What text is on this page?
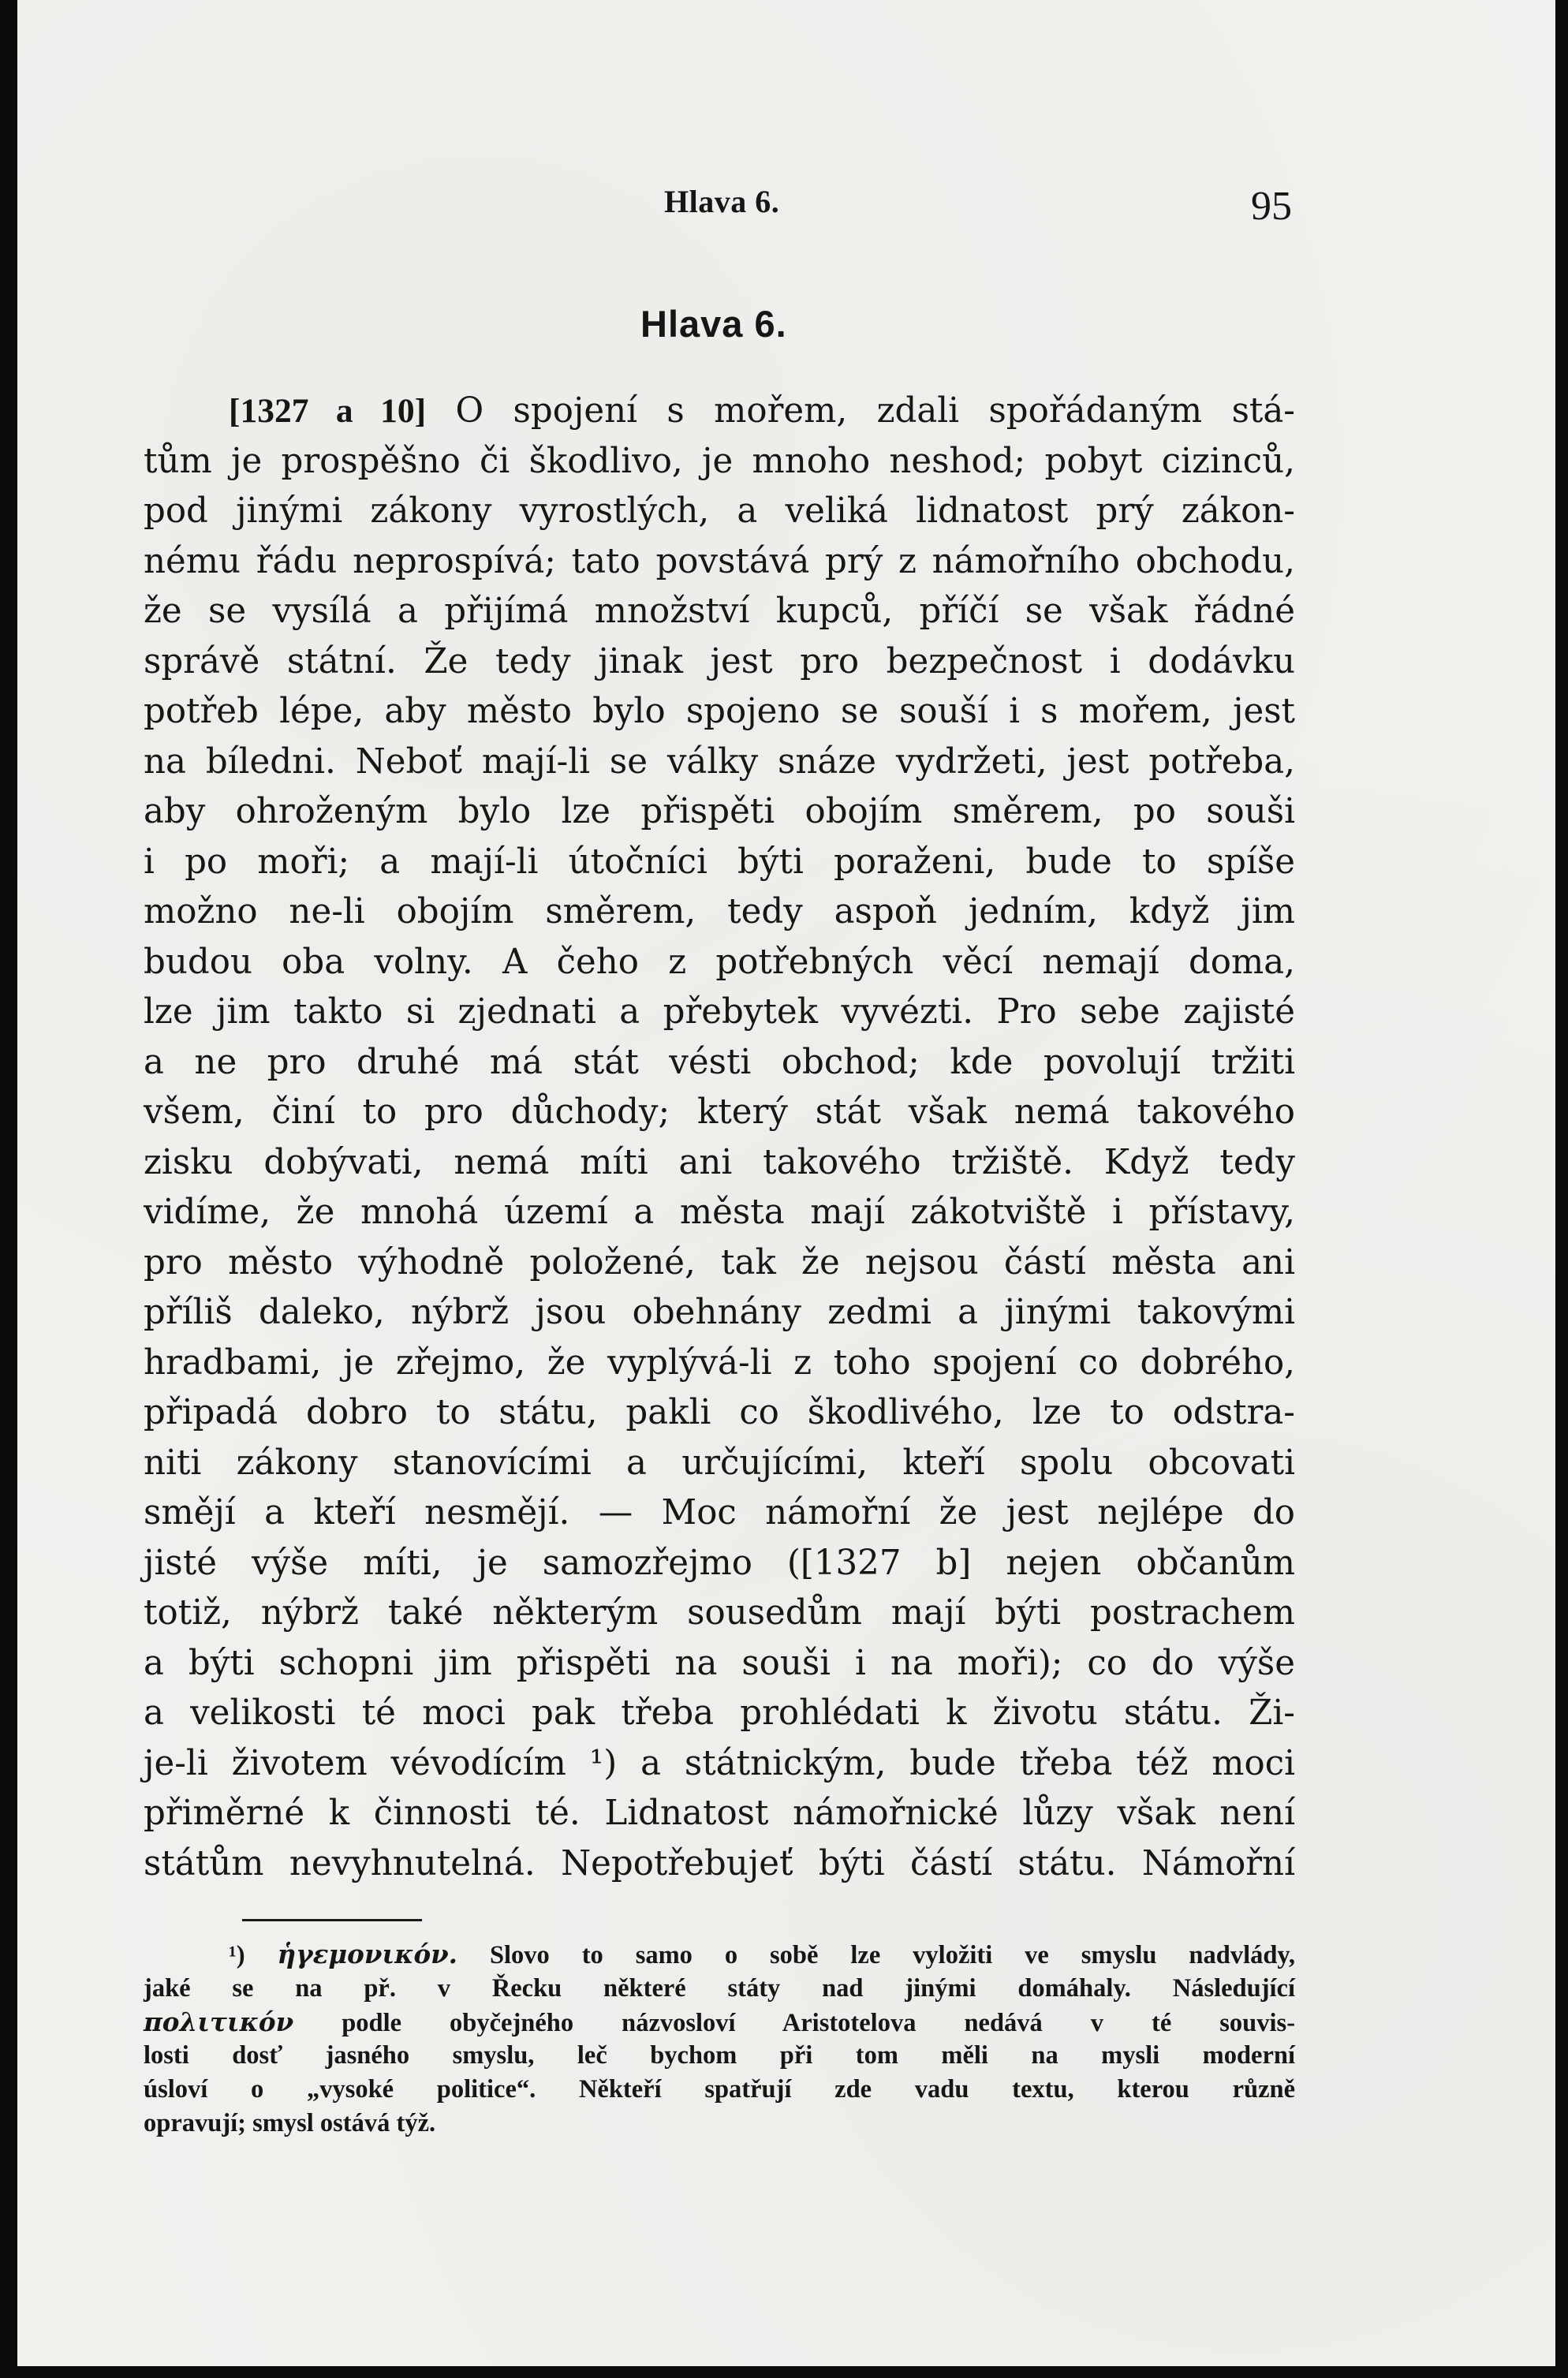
Hlava 6.	95
Hlava 6.
[1327 a 10] O spojení s mořem, zdali spořádaným stá-
tům je prospěšno či škodlivo, je mnoho neshod; pobyt cizinců,
pod jinými zákony vyrostlých, a veliká lidnatost prý zákon-
nému řádu neprospívá; tato povstává prý z námořního obchodu,
že se vysílá a přijímá množství kupců, příčí se však řádné
správě státní. Že tedy jinak jest pro bezpečnost i dodávku
potřeb lépe, aby město bylo spojeno se souší i s mořem, jest
na bíledni. Neboť mají-li se války snáze vydržeti, jest potřeba,
aby ohroženým bylo lze přispěti obojím směrem, po souši
i po moři; a mají-li útočníci býti poraženi, bude to spíše
možno ne-li obojím směrem, tedy aspoň jedním, když jim
budou oba volny. A čeho z potřebných věcí nemají doma,
lze jim takto si zjednati a přebytek vyvézti. Pro sebe zajisté
a ne pro druhé má stát vésti obchod; kde povolují tržiti
všem, činí to pro důchody; který stát však nemá takového
zisku dobývati, nemá míti ani takového tržiště. Když tedy
vidíme, že mnohá území a města mají zákotviště i přístavy,
pro město výhodně položené, tak že nejsou částí města ani
příliš daleko, nýbrž jsou obehnány zedmi a jinými takovými
hradbami, je zřejmo, že vyplývá-li z toho spojení co dobrého,
připadá dobro to státu, pakli co škodlivého, lze to odstra-
niti zákony stanovícími a určujícími, kteří spolu obcovati
smějí a kteří nesmějí. — Moc námořní že jest nejlépe do
jisté výše míti, je samozřejmo ([1327 b] nejen občanům
totiž, nýbrž také některým sousedům mají býti postrachem
a býti schopni jim přispěti na souši i na moři); co do výše
a velikosti té moci pak třeba prohlédati k životu státu. Ži-
je-li životem vévodícím ¹) a státnickým, bude třeba též moci
přiměrné k činnosti té. Lidnatost námořnické lůzy však není
státům nevyhnutelná. Nepotřebujeť býti částí státu. Námořní
¹) ἡγεμονικόν. Slovo to samo o sobě lze vyložiti ve smyslu nadvlády,
jaké se na př. v Řecku některé státy nad jinými domáhaly. Následující
πολιτικόν podle obyčejného názvosloví Aristotelova nedává v té souvis-
losti dosť jasného smyslu, leč bychom při tom měli na mysli moderní
úsloví o „vysoké politice“. Někteří spatřují zde vadu textu, kterou různě
opravují; smysl ostává týž.
